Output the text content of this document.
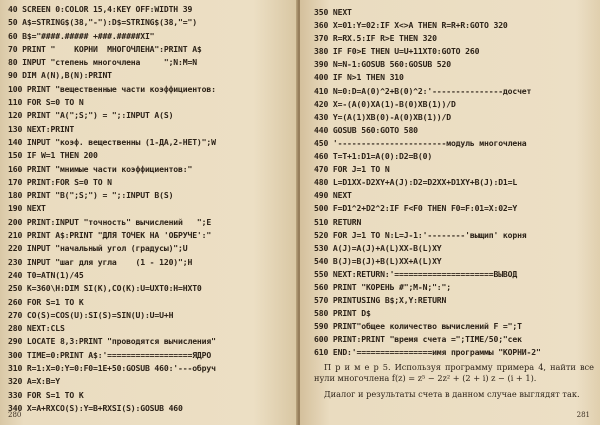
40 SCREEN 0:COLOR 15,4:KEY OFF:WIDTH 39
50 A$=STRING$(38,"-"):D$=STRING$(38,"=")
60 B$="####.##### +###.#####XI"
70 PRINT "    КОРНИ  МНОГОЧЛЕНА":PRINT A$
80 INPUT "степень многочлена     ";N:M=N
90 DIM A(N),B(N):PRINT
100 PRINT "вещественные части коэффициентов:
110 FOR S=0 TO N
120 PRINT "A(";S;") = ";:INPUT A(S)
130 NEXT:PRINT
140 INPUT "коэф. вещественны (1-ДА,2-НЕТ)";W
150 IF W=1 THEN 200
160 PRINT "мнимые части коэффициентов:"
170 PRINT:FOR S=0 TO N
180 PRINT "B(";S;") = ";:INPUT B(S)
190 NEXT
200 PRINT:INPUT "точность" вычислений   ";E
210 PRINT A$:PRINT "ДЛЯ ТОЧЕК НА 'ОБРУЧЕ':"
220 INPUT "начальный угол (градусы)";U
230 INPUT "шаг для угла    (1 - 120)";H
240 T0=ATN(1)/45
250 K=360\H:DIM SI(K),CO(K):U=UXT0:H=HXT0
260 FOR S=1 TO K
270 CO(S)=COS(U):SI(S)=SIN(U):U=U+H
280 NEXT:CLS
290 LOCATE 8,3:PRINT "проводятся вычисления"
300 TIME=0:PRINT A$:'==================ЯДРО
310 R=1:X=0:Y=0:F0=1E+50:GOSUB 460:'---обруч
320 A=X:B=Y
330 FOR S=1 TO K
340 X=A+RXCO(S):Y=B+RXSI(S):GOSUB 460
280
350 NEXT
360 X=01:Y=02:IF X<>A THEN R=R+R:GOTO 320
370 R=RX.5:IF R>E THEN 320
380 IF F0>E THEN U=U+11XT0:GOTO 260
390 N=N-1:GOSUB 560:GOSUB 520
400 IF N>1 THEN 310
410 N=0:D=A(0)^2+B(0)^2:'---------------досчет
420 X=-(A(0)XA(1)-B(0)XB(1))/D
430 Y=(A(1)XB(0)-A(0)XB(1))/D
440 GOSUB 560:GOTO 580
450 '-----------------------модуль многочлена
460 T=T+1:D1=A(0):D2=B(0)
470 FOR J=1 TO N
480 L=D1XX-D2XY+A(J):D2=D2XX+D1XY+B(J):D1=L
490 NEXT
500 F=D1^2+D2^2:IF F<F0 THEN F0=F:01=X:02=Y
510 RETURN
520 FOR J=1 TO N:L=J-1:'--------'выщип' корня
530 A(J)=A(J)+A(L)XX-B(L)XY
540 B(J)=B(J)+B(L)XX+A(L)XY
550 NEXT:RETURN:'=====================ВЫВОД
560 PRINT "КОРЕНЬ #";M-N;":";
570 PRINTUSING B$;X,Y:RETURN
580 PRINT D$
590 PRINT"общее количество вычислений F =";T
600 PRINT:PRINT "время счета =";TIME/50;"сек
610 END:'================имя программы "КОРНИ-2"

П р и м е р 5. Используя программу примера 4, найти все нули многочлена f(z) = z⁵ − 2z² + (2 + i) z − (i + 1).

Диалог и результаты счета в данном случае выглядят так.

281
